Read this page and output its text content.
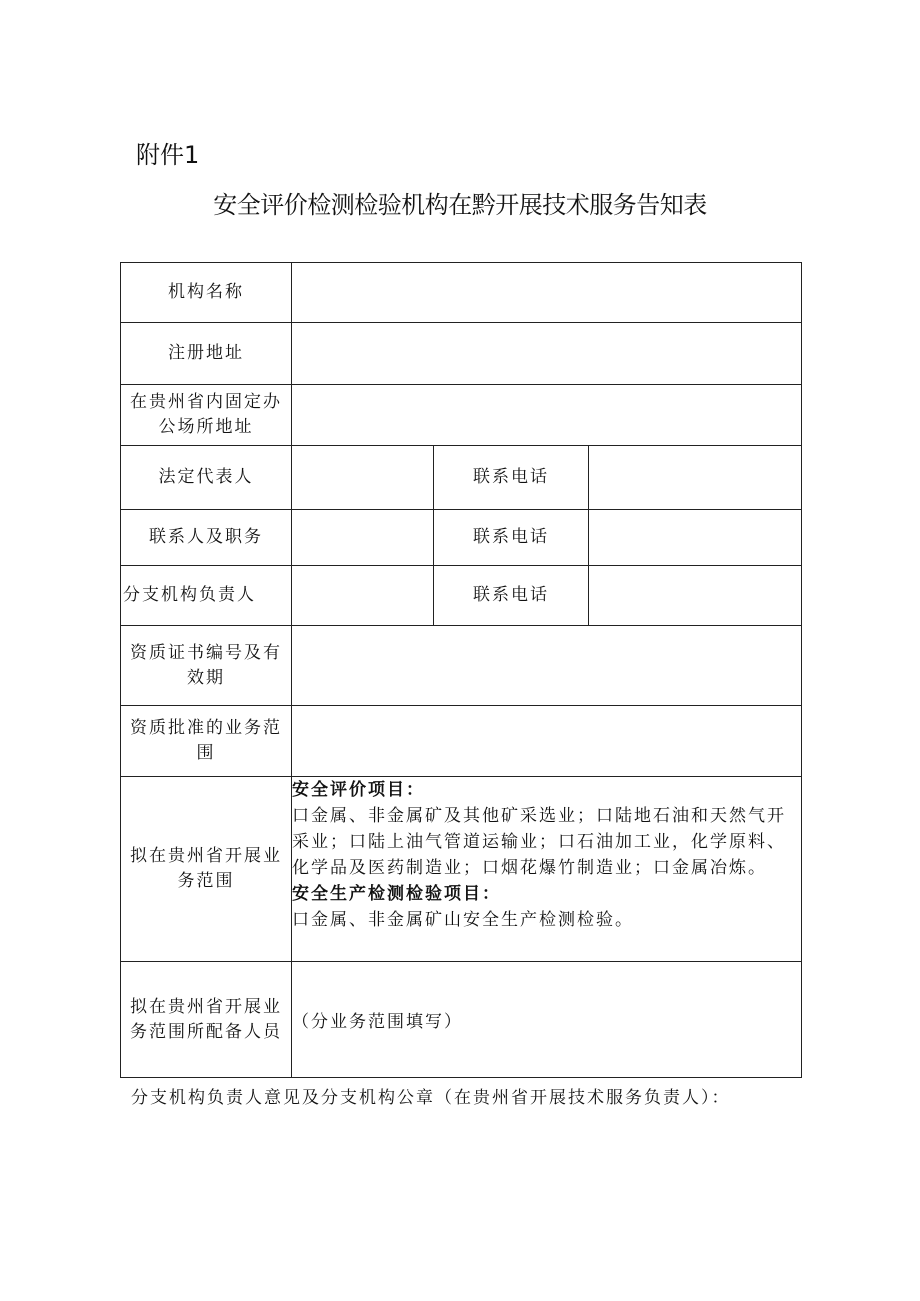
附件1
安全评价检测检验机构在黔开展技术服务告知表
机构名称			
注册地址			
在贵州省内固定办公场所地址			
法定代表人		联系电话	
联系人及职务		联系电话	
分支机构负责人		联系电话	
资质证书编号及有效期			
资质批准的业务范围			
拟在贵州省开展业务范围	安全评价项目：
口金属、非金属矿及其他矿采选业；口陆地石油和天然气开采业；口陆上油气管道运输业；口石油加工业，化学原料、化学品及医药制造业；口烟花爆竹制造业；口金属冶炼。
安全生产检测检验项目：
口金属、非金属矿山安全生产检测检验。		

拟在贵州省开展业务范围所配备人员	（分业务范围填写）		
分支机构负责人意见及分支机构公章（在贵州省开展技术服务负责人）：
